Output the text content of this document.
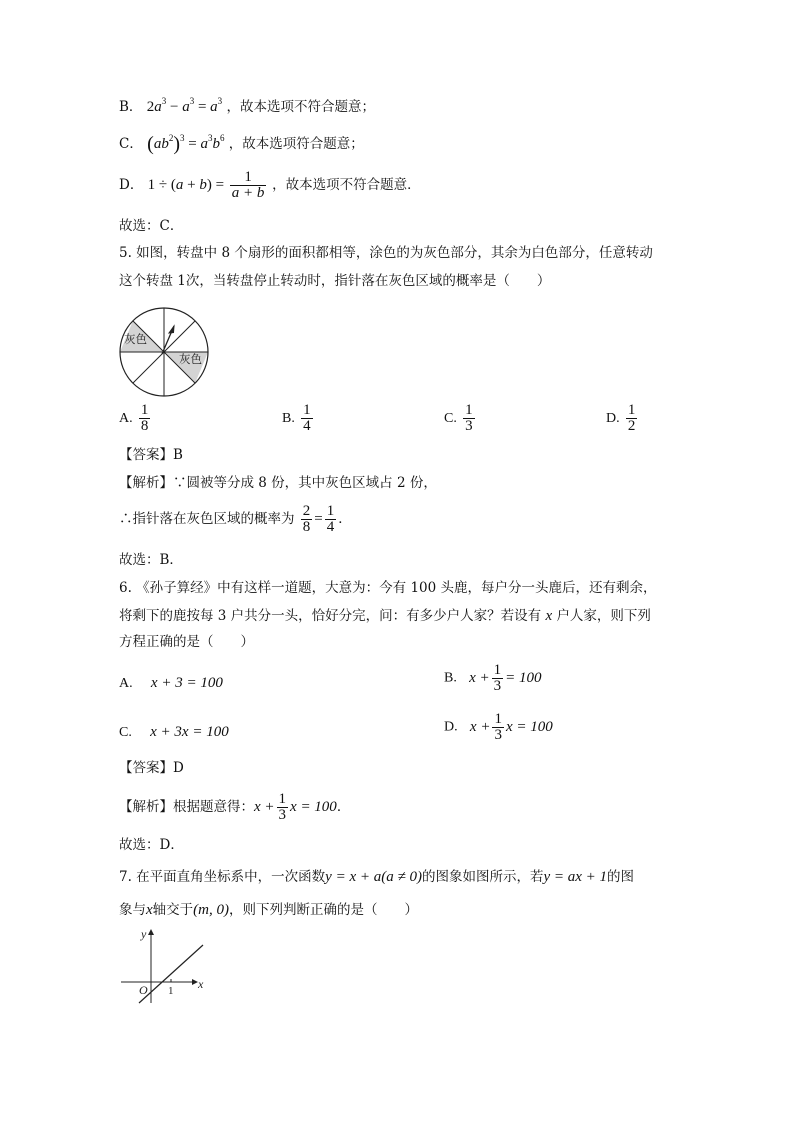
B． $2a^3 - a^3 = a^3$ ，故本选项不符合题意；
C． $(ab^2)^3 = a^3b^6$ ，故本选项符合题意；
D． $1 \div (a + b) = \frac{1}{a + b}$ ，故本选项不符合题意．
故选：C．
5. 如图，转盘中 8 个扇形的面积都相等，涂色的为灰色部分，其余为白色部分，任意转动
这个转盘 1次，当转盘停止转动时，指针落在灰色区域的概率是（　　）
灰色
灰色
A. $\frac{1}{8}$	B. $\frac{1}{4}$	C. $\frac{1}{3}$	D. $\frac{1}{2}$
【答案】B
【解析】∵圆被等分成 8 份，其中灰色区域占 2 份，
∴指针落在灰色区域的概率为 $\frac{2}{8} = \frac{1}{4}$ ．
故选：B．
6. 《孙子算经》中有这样一道题，大意为：今有 100 头鹿，每户分一头鹿后，还有剩余，
将剩下的鹿按每 3 户共分一头，恰好分完，问：有多少户人家？若设有 x 户人家，则下列
方程正确的是（　　）
A. x + 3 = 100	B. $x + \frac{1}{3} = 100$
C. x + 3x = 100	D. $x + \frac{1}{3}$ x = 100
【答案】D
【解析】根据题意得：$x + \frac{1}{3}$ x = 100．
故选：D．
7. 在平面直角坐标系中，一次函数y = x + a(a ≠ 0)的图象如图所示，若y = ax + 1的图
象与x轴交于(m, 0)，则下列判断正确的是（　　）
y
x
O 1
